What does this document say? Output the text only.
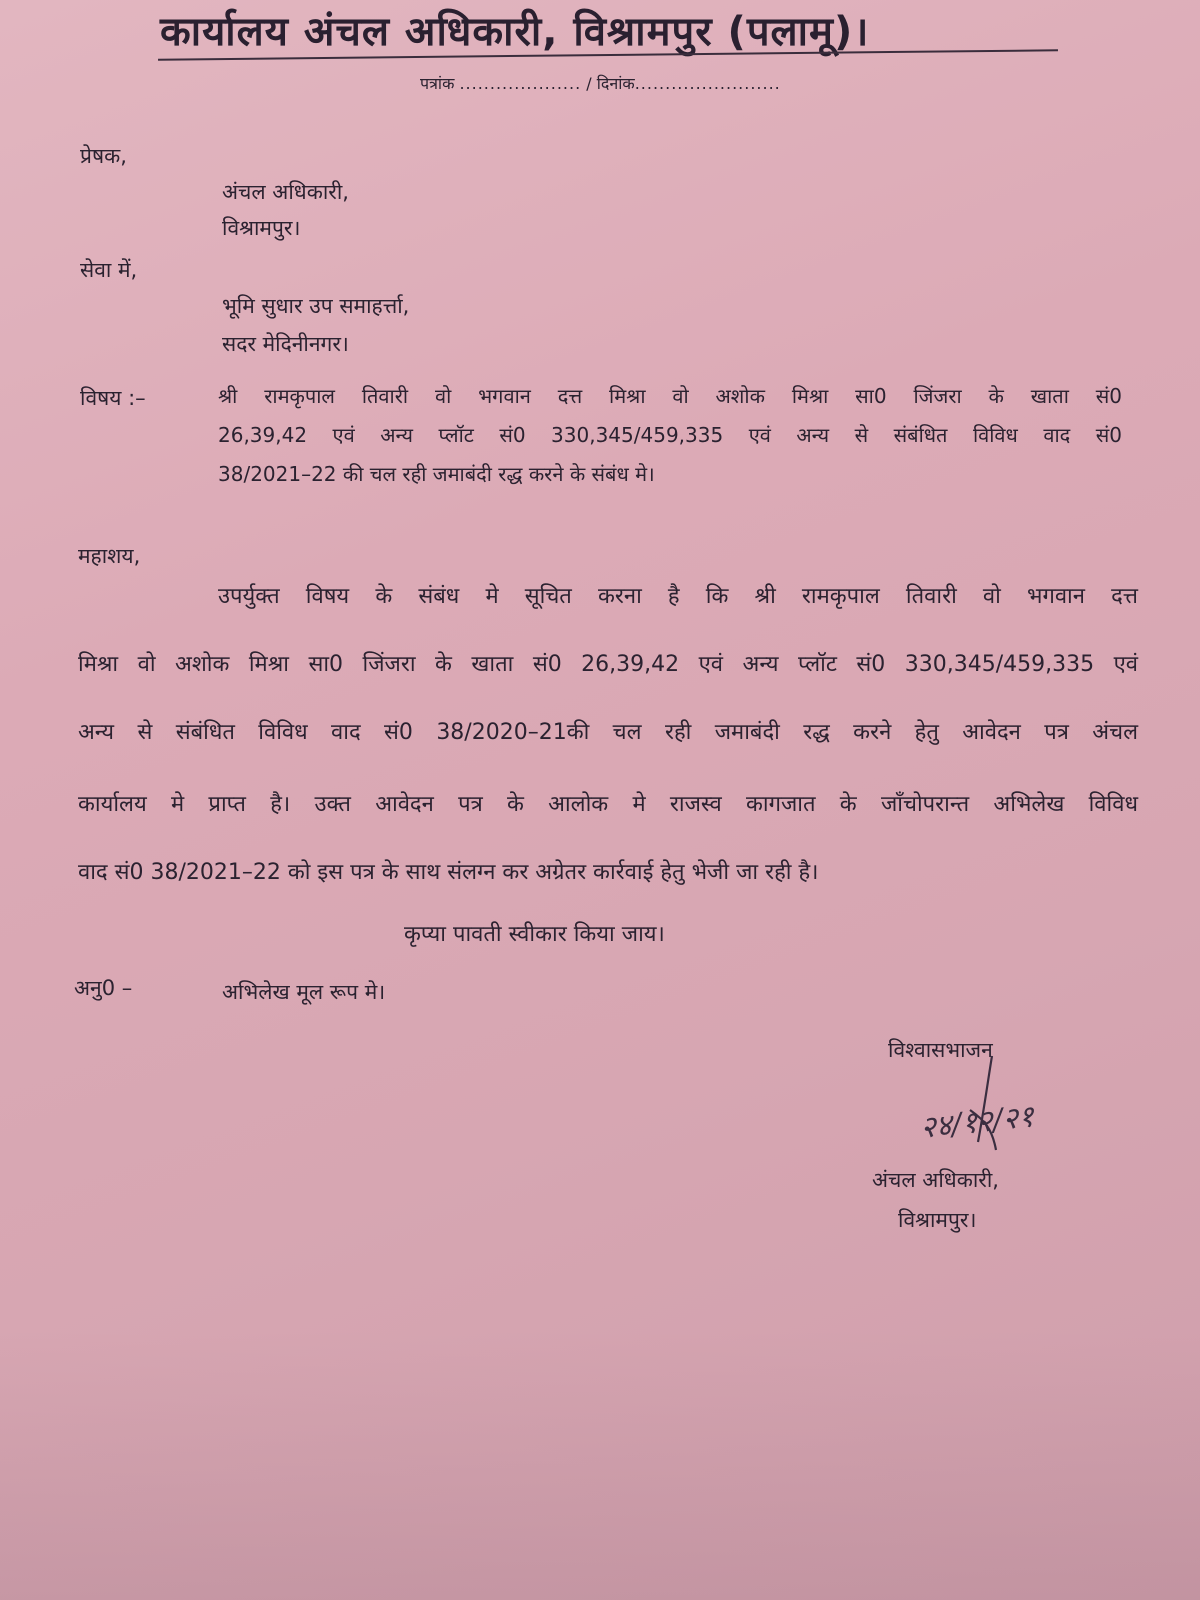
कार्यालय अंचल अधिकारी, विश्रामपुर (पलामू)।
पत्रांक .................... / दिनांक........................
प्रेषक,
अंचल अधिकारी,
विश्रामपुर।
सेवा में,
भूमि सुधार उप समाहर्त्ता,
सदर मेदिनीनगर।
विषय :–	श्री रामकृपाल तिवारी वो भगवान दत्त मिश्रा वो अशोक मिश्रा सा0 जिंजरा के खाता सं0
26,39,42 एवं अन्य प्लॉट सं0 330,345/459,335 एवं अन्य से संबंधित विविध वाद सं0
38/2021–22 की चल रही जमाबंदी रद्ध करने के संबंध मे।
महाशय,
उपर्युक्त विषय के संबंध मे सूचित करना है कि श्री रामकृपाल तिवारी वो भगवान दत्त
मिश्रा वो अशोक मिश्रा सा0 जिंजरा के खाता सं0 26,39,42 एवं अन्य प्लॉट सं0 330,345/459,335 एवं
अन्य से संबंधित विविध वाद सं0 38/2020–21की चल रही जमाबंदी रद्ध करने हेतु आवेदन पत्र अंचल
कार्यालय मे प्राप्त है। उक्त आवेदन पत्र के आलोक मे राजस्व कागजात के जाँचोपरान्त अभिलेख विविध
वाद सं0 38/2021–22 को इस पत्र के साथ संलग्न कर अग्रेतर कार्रवाई हेतु भेजी जा रही है।
कृप्या पावती स्वीकार किया जाय।
अनु0 –	अभिलेख मूल रूप मे।
विश्वासभाजन
२४/१२/२१
अंचल अधिकारी,
विश्रामपुर।
